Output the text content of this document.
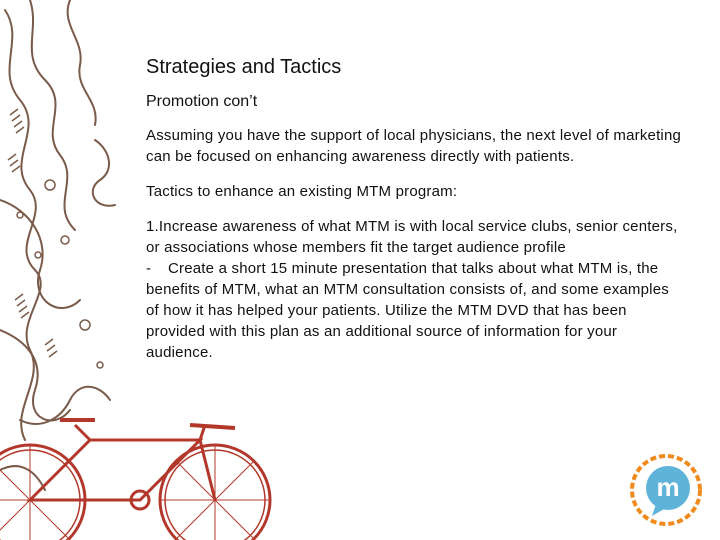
Strategies and Tactics
Promotion con’t

Assuming you have the support of local physicians, the next level of marketing can be focused on enhancing awareness directly with patients.

Tactics to enhance an existing MTM program:

1.Increase awareness of what MTM is with local service clubs, senior centers, or associations whose members fit the target audience profile

- Create a short 15 minute presentation that talks about what MTM is, the benefits of MTM, what an MTM consultation consists of, and some examples of how it has helped your patients. Utilize the MTM DVD that has been provided with this plan as an additional source of information for your audience.

m
